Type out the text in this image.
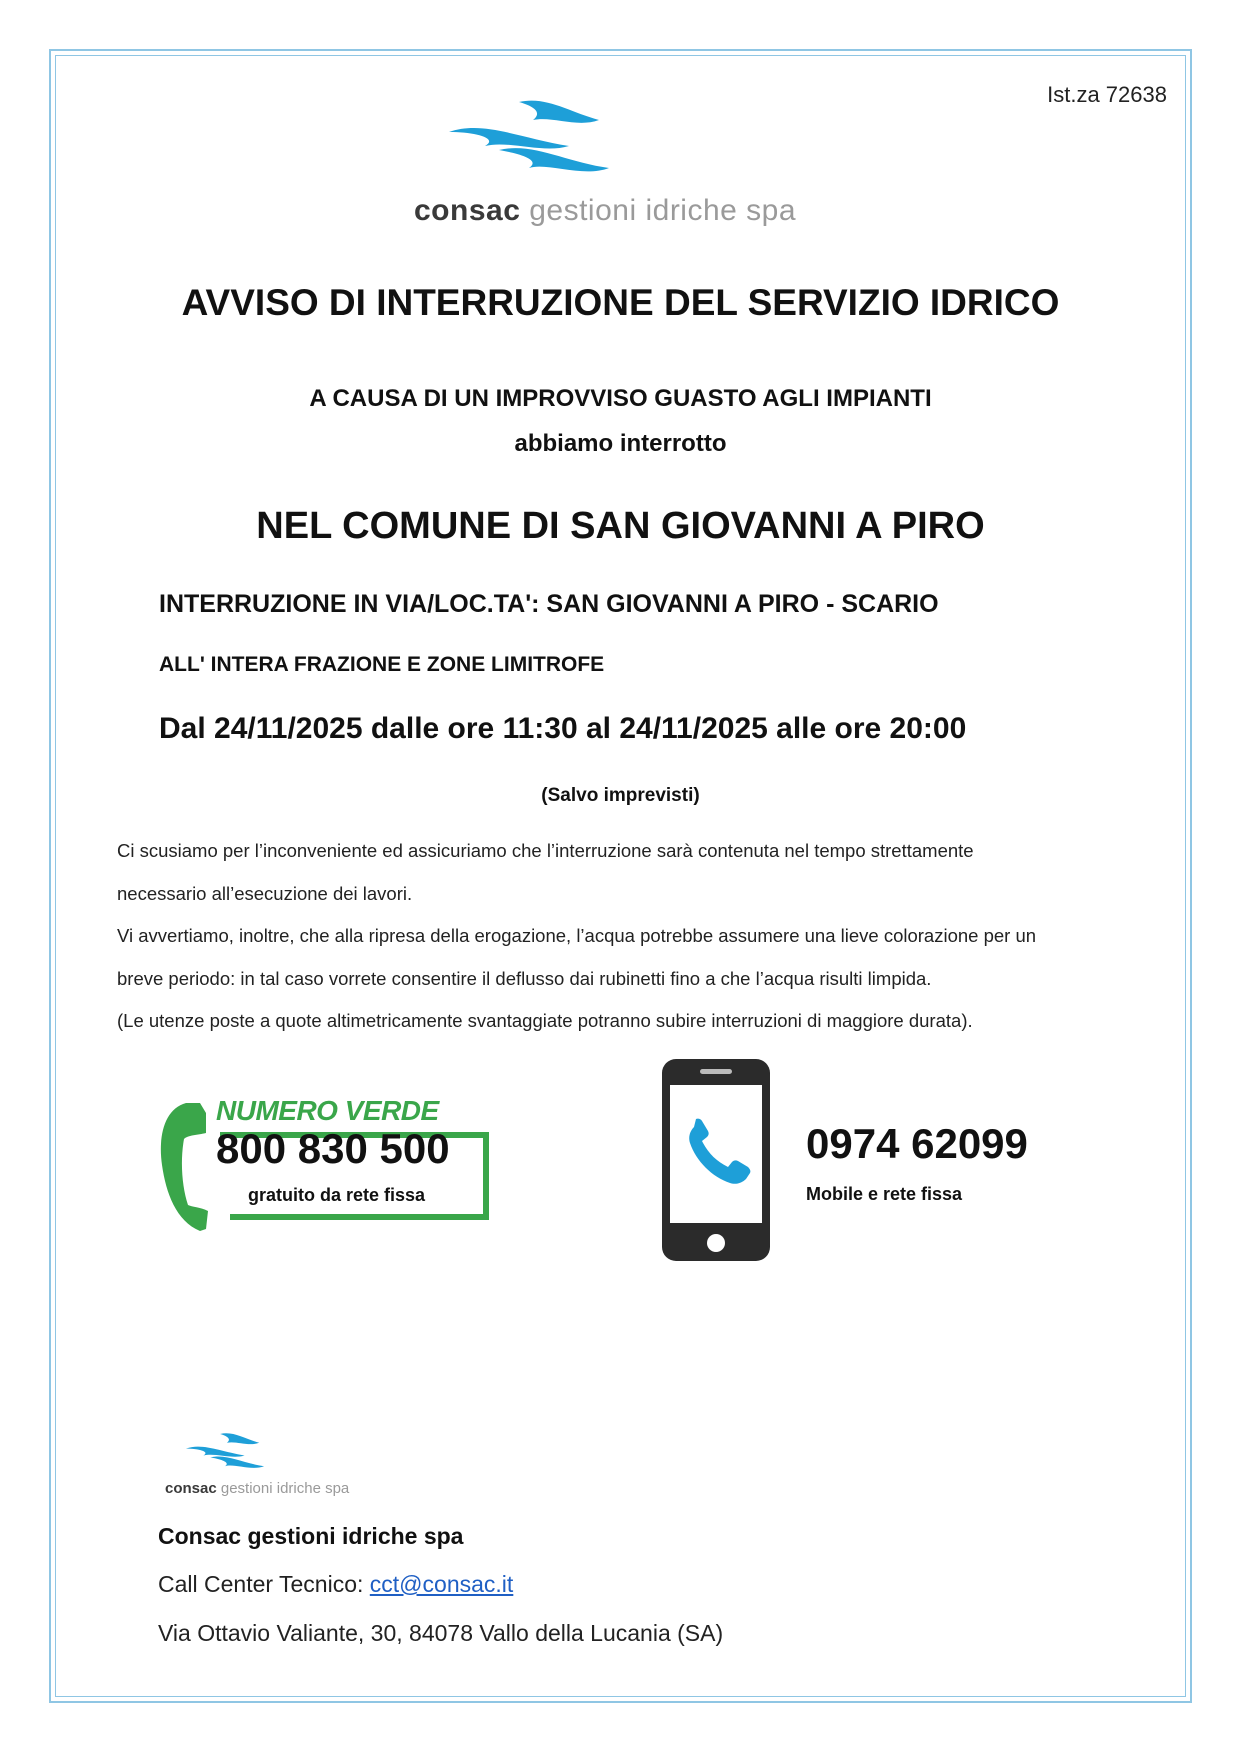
Ist.za 72638
consac gestioni idriche spa
AVVISO DI INTERRUZIONE DEL SERVIZIO IDRICO
A CAUSA DI UN IMPROVVISO GUASTO AGLI IMPIANTI
abbiamo interrotto
NEL COMUNE DI SAN GIOVANNI A PIRO
INTERRUZIONE IN VIA/LOC.TA': SAN GIOVANNI A PIRO - SCARIO
ALL' INTERA FRAZIONE E ZONE LIMITROFE
Dal 24/11/2025 dalle ore 11:30 al 24/11/2025 alle ore 20:00
(Salvo imprevisti)

Ci scusiamo per l’inconveniente ed assicuriamo che l’interruzione sarà contenuta nel tempo strettamente

necessario all’esecuzione dei lavori.

Vi avvertiamo, inoltre, che alla ripresa della erogazione, l’acqua potrebbe assumere una lieve colorazione per un

breve periodo: in tal caso vorrete consentire il deflusso dai rubinetti fino a che l’acqua risulti limpida.

(Le utenze poste a quote altimetricamente svantaggiate potranno subire interruzioni di maggiore durata).

NUMERO VERDE
800 830 500
gratuito da rete fissa
0974 62099
Mobile e rete fissa
consac gestioni idriche spa
Consac gestioni idriche spa
Call Center Tecnico: cct@consac.it
Via Ottavio Valiante, 30, 84078 Vallo della Lucania (SA)
